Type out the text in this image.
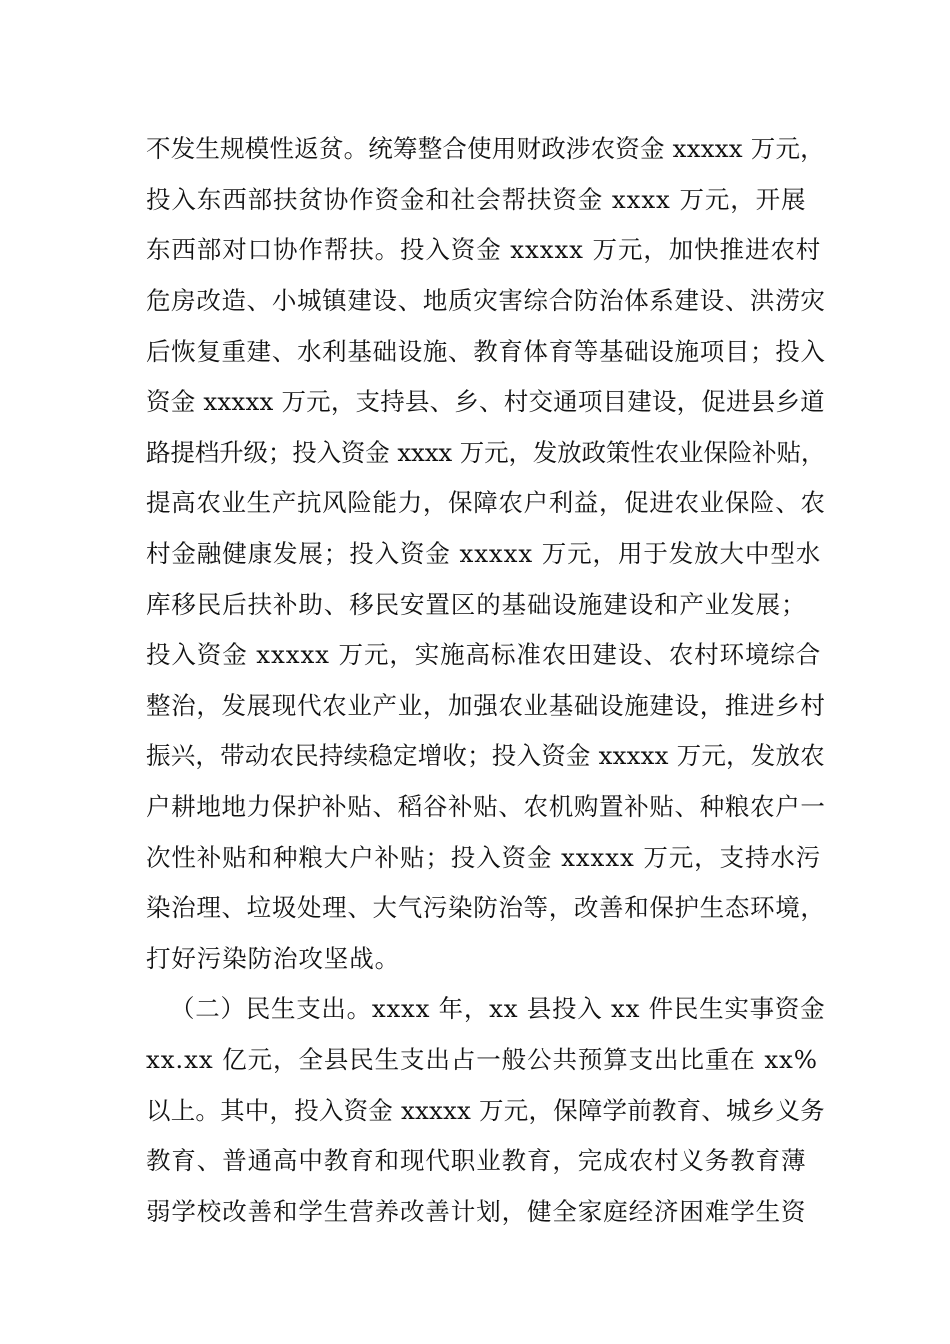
不发生规模性返贫。统筹整合使用财政涉农资金 xxxxx 万元，
投入东西部扶贫协作资金和社会帮扶资金 xxxx 万元，开展
东西部对口协作帮扶。投入资金 xxxxx 万元，加快推进农村
危房改造、小城镇建设、地质灾害综合防治体系建设、洪涝灾
后恢复重建、水利基础设施、教育体育等基础设施项目；投入
资金 xxxxx 万元，支持县、乡、村交通项目建设，促进县乡道
路提档升级；投入资金 xxxx 万元，发放政策性农业保险补贴，
提高农业生产抗风险能力，保障农户利益，促进农业保险、农
村金融健康发展；投入资金 xxxxx 万元，用于发放大中型水
库移民后扶补助、移民安置区的基础设施建设和产业发展；
投入资金 xxxxx 万元，实施高标准农田建设、农村环境综合
整治，发展现代农业产业，加强农业基础设施建设，推进乡村
振兴，带动农民持续稳定增收；投入资金 xxxxx 万元，发放农
户耕地地力保护补贴、稻谷补贴、农机购置补贴、种粮农户一
次性补贴和种粮大户补贴；投入资金 xxxxx 万元，支持水污
染治理、垃圾处理、大气污染防治等，改善和保护生态环境，
打好污染防治攻坚战。
（二）民生支出。xxxx 年，xx 县投入 xx 件民生实事资金
xx.xx 亿元，全县民生支出占一般公共预算支出比重在 xx%
以上。其中，投入资金 xxxxx 万元，保障学前教育、城乡义务
教育、普通高中教育和现代职业教育，完成农村义务教育薄
弱学校改善和学生营养改善计划，健全家庭经济困难学生资
